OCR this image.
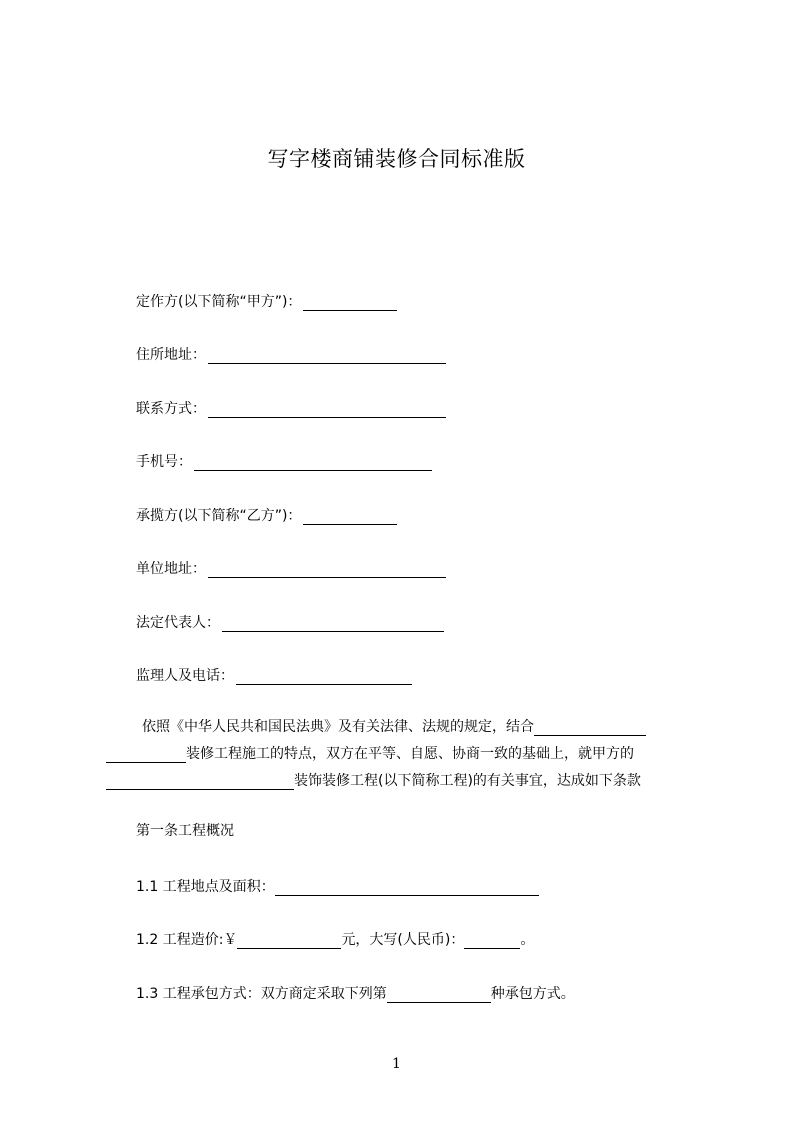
写字楼商铺装修合同标准版
定作方(以下简称“甲方”)：
住所地址：
联系方式：
手机号：
承揽方(以下简称“乙方”)：
单位地址：
法定代表人：
监理人及电话：
依照《中华人民共和国民法典》及有关法律、法规的规定，结合
装修工程施工的特点，双方在平等、自愿、协商一致的基础上，就甲方的
装饰装修工程(以下简称工程)的有关事宜，达成如下条款
第一条工程概况
1.1 工程地点及面积：
1.2 工程造价:￥	元，大写(人民币)：	。
1.3 工程承包方式：双方商定采取下列第	种承包方式。
1
